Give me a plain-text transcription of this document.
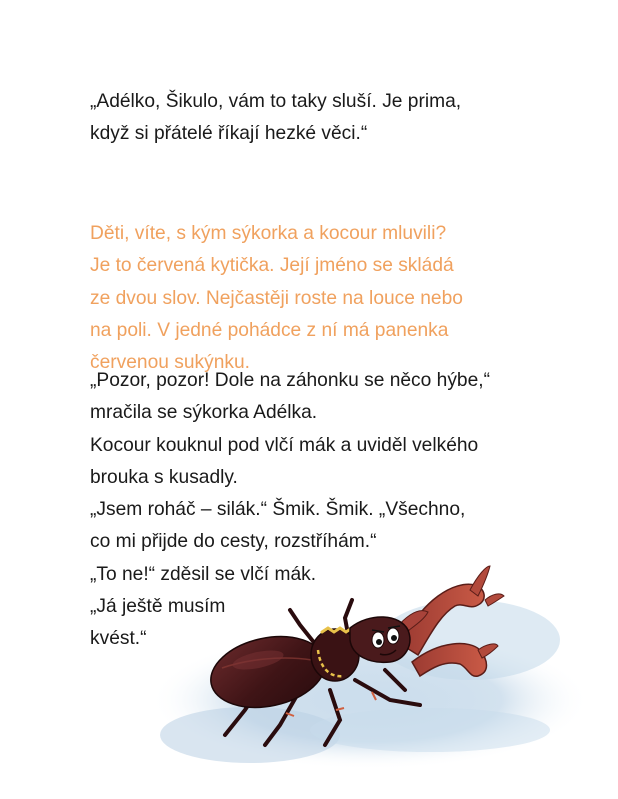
„Adélko, Šikulo, vám to taky sluší. Je prima,
když si přátelé říkají hezké věci.“

Děti, víte, s kým sýkorka a kocour mluvili?
Je to červená kytička. Její jméno se skládá
ze dvou slov. Nejčastěji roste na louce nebo
na poli. V jedné pohádce z ní má panenka
červenou sukýnku.

„Pozor, pozor! Dole na záhonku se něco hýbe,“
mračila se sýkorka Adélka.
Kocour kouknul pod vlčí mák a uviděl velkého
brouka s kusadly.
„Jsem roháč – silák.“ Šmik. Šmik. „Všechno,
co mi přijde do cesty, rozstříhám.“
„To ne!“ zděsil se vlčí mák.
„Já ještě musím
kvést.“
